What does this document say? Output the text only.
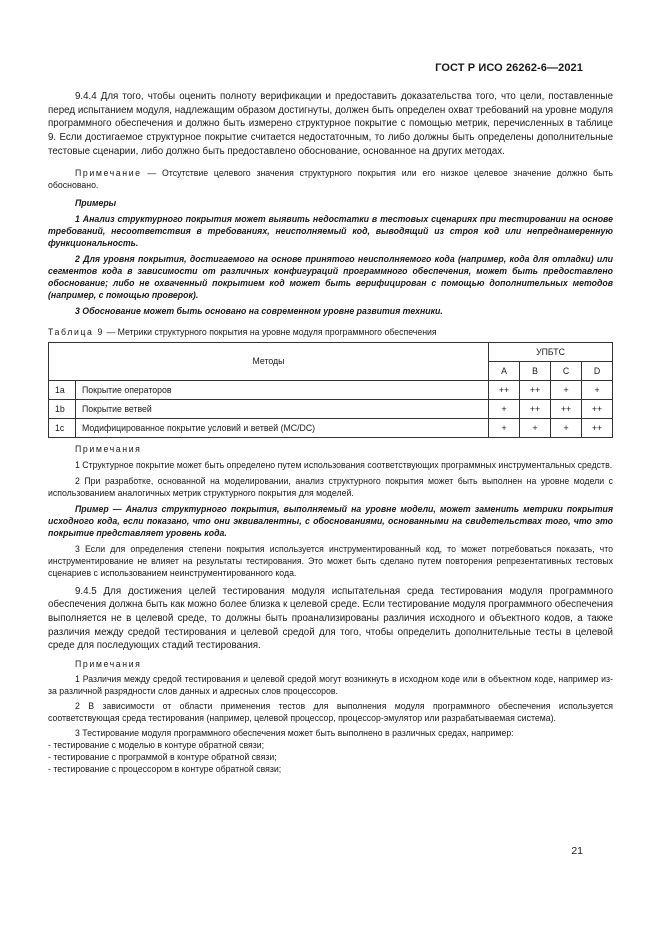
ГОСТ Р ИСО 26262-6—2021

9.4.4 Для того, чтобы оценить полноту верификации и предоставить доказательства того, что цели, поставленные перед испытанием модуля, надлежащим образом достигнуты, должен быть определен охват требований на уровне модуля программного обеспечения и должно быть измерено структурное покрытие с помощью метрик, перечисленных в таблице 9. Если достигаемое структурное покрытие считается недостаточным, то либо должны быть определены дополнительные тестовые сценарии, либо должно быть предоставлено обоснование, основанное на других методах.

Примечание — Отсутствие целевого значения структурного покрытия или его низкое целевое значение должно быть обосновано.

Примеры

1 Анализ структурного покрытия может выявить недостатки в тестовых сценариях при тестировании на основе требований, несоответствия в требованиях, неисполняемый код, выводящий из строя код или непреднамеренную функциональность.

2 Для уровня покрытия, достигаемого на основе принятого неисполняемого кода (например, кода для отладки) или сегментов кода в зависимости от различных конфигураций программного обеспечения, может быть предоставлено обоснование; либо не охваченный покрытием код может быть верифицирован с помощью дополнительных методов (например, с помощью проверок).

3 Обоснование может быть основано на современном уровне развития техники.

Таблица 9 — Метрики структурного покрытия на уровне модуля программного обеспечения

Методы		УПБТС			
		A	B	C	D
1a	Покрытие операторов	++	++	+	+
1b	Покрытие ветвей	+	++	++	++
1c	Модифицированное покрытие условий и ветвей (MC/DC)	+	+	+	++

Примечания

1 Структурное покрытие может быть определено путем использования соответствующих программных инструментальных средств.

2 При разработке, основанной на моделировании, анализ структурного покрытия может быть выполнен на уровне модели с использованием аналогичных метрик структурного покрытия для моделей.

Пример — Анализ структурного покрытия, выполняемый на уровне модели, может заменить метрики покрытия исходного кода, если показано, что они эквивалентны, с обоснованиями, основанными на свидетельствах того, что это покрытие представляет уровень кода.

3 Если для определения степени покрытия используется инструментированный код, то может потребоваться показать, что инструментирование не влияет на результаты тестирования. Это может быть сделано путем повторения репрезентативных тестовых сценариев с использованием неинструментированного кода.

9.4.5 Для достижения целей тестирования модуля испытательная среда тестирования модуля программного обеспечения должна быть как можно более близка к целевой среде. Если тестирование модуля программного обеспечения выполняется не в целевой среде, то должны быть проанализированы различия исходного и объектного кодов, а также различия между средой тестирования и целевой средой для того, чтобы определить дополнительные тесты в целевой среде для последующих стадий тестирования.

Примечания

1 Различия между средой тестирования и целевой средой могут возникнуть в исходном коде или в объектном коде, например из-за различной разрядности слов данных и адресных слов процессоров.

2 В зависимости от области применения тестов для выполнения модуля программного обеспечения используется соответствующая среда тестирования (например, целевой процессор, процессор-эмулятор или разрабатываемая система).

3 Тестирование модуля программного обеспечения может быть выполнено в различных средах, например:

- тестирование с моделью в контуре обратной связи;
- тестирование с программой в контуре обратной связи;
- тестирование с процессором в контуре обратной связи;
21
